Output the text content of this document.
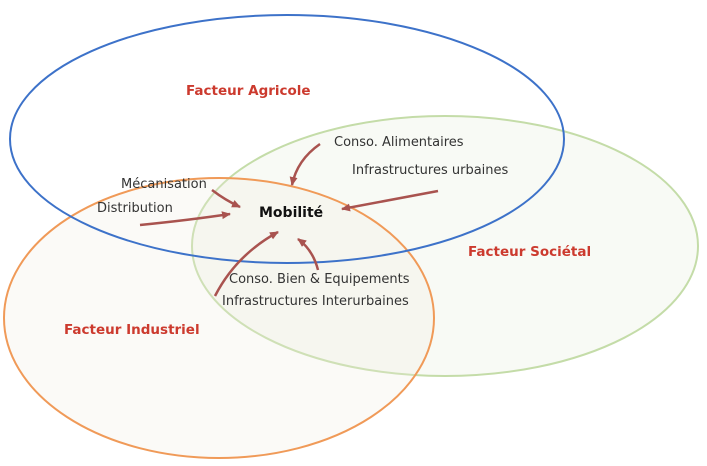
Facteur Agricole
Facteur Sociétal
Facteur Industriel
Mobilité
Conso. Alimentaires
Infrastructures urbaines
Mécanisation
Distribution
Conso. Bien & Equipements
Infrastructures Interurbaines
